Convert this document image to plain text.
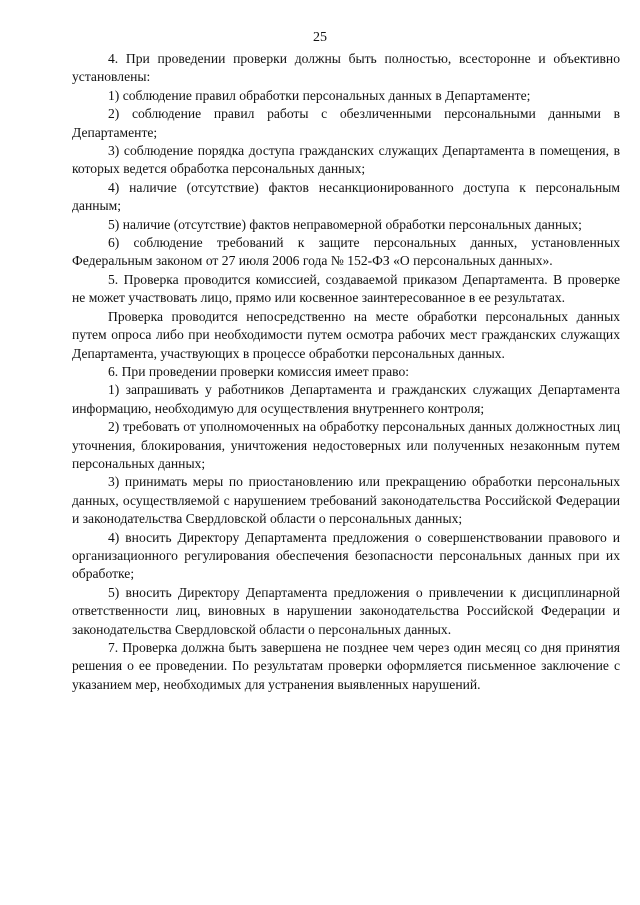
25

4. При проведении проверки должны быть полностью, всесторонне и объективно установлены:

1) соблюдение правил обработки персональных данных в Департаменте;

2) соблюдение правил работы с обезличенными персональными данными в Департаменте;

3) соблюдение порядка доступа гражданских служащих Департамента в помещения, в которых ведется обработка персональных данных;

4) наличие (отсутствие) фактов несанкционированного доступа к персональным данным;

5) наличие (отсутствие) фактов неправомерной обработки персональных данных;

6) соблюдение требований к защите персональных данных, установленных Федеральным законом от 27 июля 2006 года № 152-ФЗ «О персональных данных».

5. Проверка проводится комиссией, создаваемой приказом Департамента. В проверке не может участвовать лицо, прямо или косвенное заинтересованное в ее результатах.

Проверка проводится непосредственно на месте обработки персональных данных путем опроса либо при необходимости путем осмотра рабочих мест гражданских служащих Департамента, участвующих в процессе обработки персональных данных.

6. При проведении проверки комиссия имеет право:

1) запрашивать у работников Департамента и гражданских служащих Департамента информацию, необходимую для осуществления внутреннего контроля;

2) требовать от уполномоченных на обработку персональных данных должностных лиц уточнения, блокирования, уничтожения недостоверных или полученных незаконным путем персональных данных;

3) принимать меры по приостановлению или прекращению обработки персональных данных, осуществляемой с нарушением требований законодательства Российской Федерации и законодательства Свердловской области о персональных данных;

4) вносить Директору Департамента предложения о совершенствовании правового и организационного регулирования обеспечения безопасности персональных данных при их обработке;

5) вносить Директору Департамента предложения о привлечении к дисциплинарной ответственности лиц, виновных в нарушении законодательства Российской Федерации и законодательства Свердловской области о персональных данных.

7. Проверка должна быть завершена не позднее чем через один месяц со дня принятия решения о ее проведении. По результатам проверки оформляется письменное заключение с указанием мер, необходимых для устранения выявленных нарушений.
